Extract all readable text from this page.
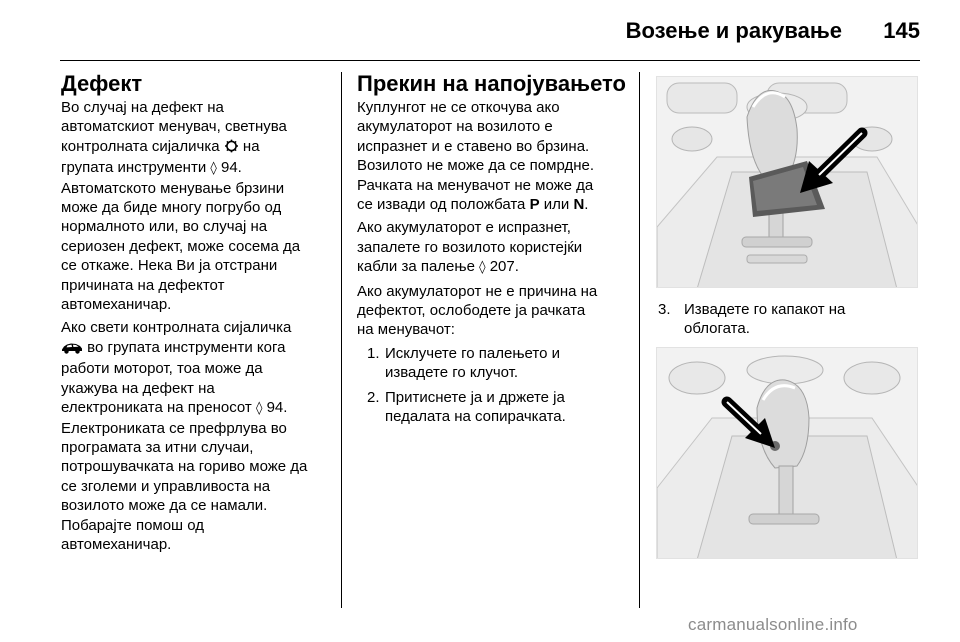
Возење и ракување 145
Дефект

Во случај на дефект на
автоматскиот менувач, светнува
контролната сијаличка на
групата инструменти ◊ 94.
Автоматското менување брзини
може да биде многу погрубо од
нормалното или, во случај на
сериозен дефект, може сосема да
се откаже. Нека Ви ја отстрани
причината на дефектот
автомеханичар.

Ако свети контролната сијаличка
во групата инструменти кога
работи моторот, тоа може да
укажува на дефект на
електрониката на преносот ◊ 94.
Електрониката се префрлува во
програмата за итни случаи,
потрошувачката на гориво може да
се зголеми и управливоста на
возилото може да се намали.
Побарајте помош од
автомеханичар.

Прекин на напојувањето

Куплунгот не се откочува ако
акумулаторот на возилото е
испразнет и е ставено во брзина.
Возилото не може да се помрдне.
Рачката на менувачот не може да
се извади од положбата P или N.

Ако акумулаторот е испразнет,
запалете го возилото користејќи
кабли за палење ◊ 207.

Ако акумулаторот не е причина на
дефектот, ослободете ја рачката
на менувачот:

1. Исклучете го палењето и
извадете го клучот.
2. Притиснете ја и држете ја
педалата на сопирачката.
3. Извадете го капакот на
облогата.
carmanualsonline.info
